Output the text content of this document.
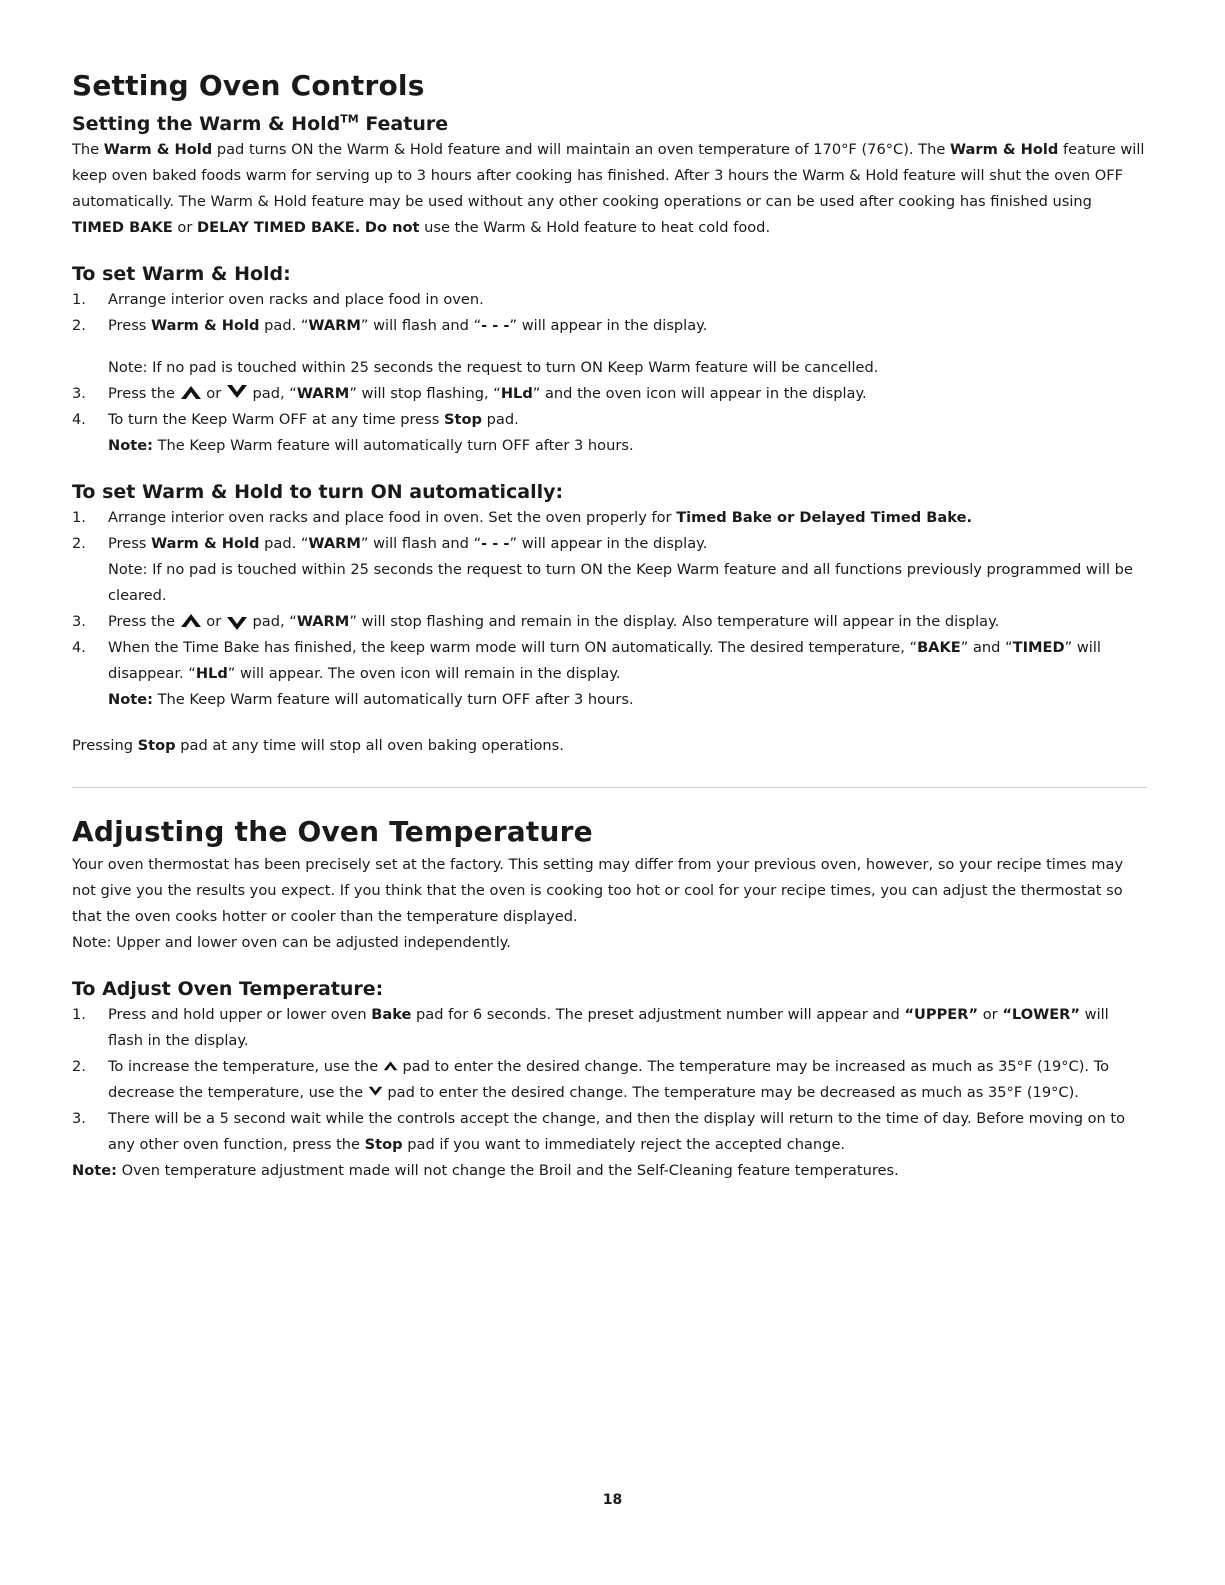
Setting Oven Controls
Setting the Warm & Hold™ Feature

The Warm & Hold pad turns ON the Warm & Hold feature and will maintain an oven temperature of 170°F (76°C). The Warm & Hold feature will keep oven baked foods warm for serving up to 3 hours after cooking has finished. After 3 hours the Warm & Hold feature will shut the oven OFF automatically. The Warm & Hold feature may be used without any other cooking operations or can be used after cooking has finished using TIMED BAKE or DELAY TIMED BAKE. Do not use the Warm & Hold feature to heat cold food.

To set Warm & Hold:
1. Arrange interior oven racks and place food in oven.
2. Press Warm & Hold pad. “WARM” will flash and “- - -” will appear in the display.

Note: If no pad is touched within 25 seconds the request to turn ON Keep Warm feature will be cancelled.

3. Press the or pad, “WARM” will stop flashing, “HLd” and the oven icon will appear in the display.
4. To turn the Keep Warm OFF at any time press Stop pad.

Note: The Keep Warm feature will automatically turn OFF after 3 hours.

To set Warm & Hold to turn ON automatically:
1. Arrange interior oven racks and place food in oven. Set the oven properly for Timed Bake or Delayed Timed Bake.
2. Press Warm & Hold pad. “WARM” will flash and “- - -” will appear in the display.

Note: If no pad is touched within 25 seconds the request to turn ON the Keep Warm feature and all functions previously programmed will be cleared.

3. Press the or pad, “WARM” will stop flashing and remain in the display. Also temperature will appear in the display.
4. When the Time Bake has finished, the keep warm mode will turn ON automatically. The desired temperature, “BAKE” and “TIMED” will disappear. “HLd” will appear. The oven icon will remain in the display.

Note: The Keep Warm feature will automatically turn OFF after 3 hours.

Pressing Stop pad at any time will stop all oven baking operations.

Adjusting the Oven Temperature

Your oven thermostat has been precisely set at the factory. This setting may differ from your previous oven, however, so your recipe times may not give you the results you expect. If you think that the oven is cooking too hot or cool for your recipe times, you can adjust the thermostat so that the oven cooks hotter or cooler than the temperature displayed.

Note: Upper and lower oven can be adjusted independently.

To Adjust Oven Temperature:
1. Press and hold upper or lower oven Bake pad for 6 seconds. The preset adjustment number will appear and “UPPER” or “LOWER” will flash in the display.
2. To increase the temperature, use the pad to enter the desired change. The temperature may be increased as much as 35°F (19°C). To decrease the temperature, use the pad to enter the desired change. The temperature may be decreased as much as 35°F (19°C).
3. There will be a 5 second wait while the controls accept the change, and then the display will return to the time of day. Before moving on to any other oven function, press the Stop pad if you want to immediately reject the accepted change.

Note: Oven temperature adjustment made will not change the Broil and the Self-Cleaning feature temperatures.

18
